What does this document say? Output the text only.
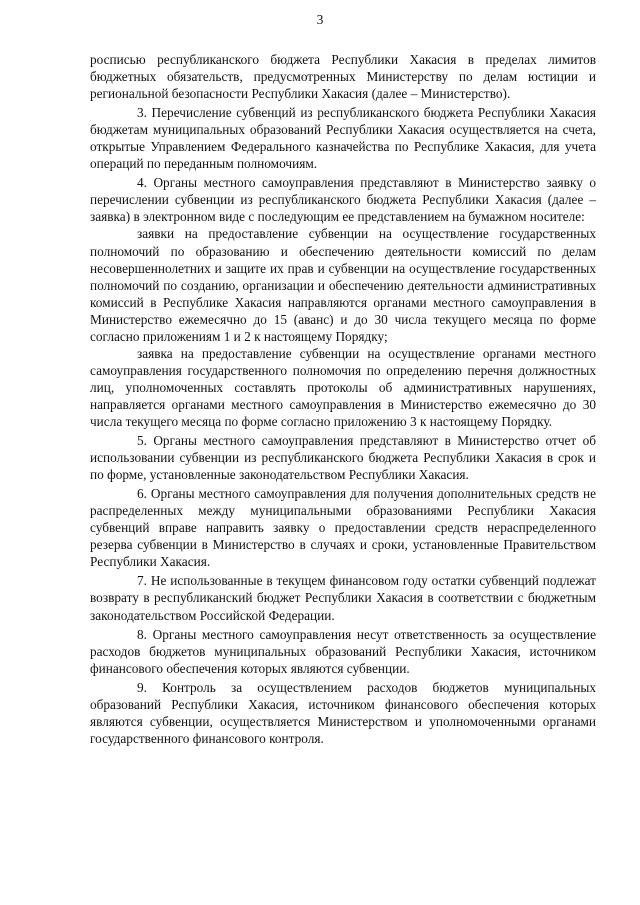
3

росписью республиканского бюджета Республики Хакасия в пределах лимитов бюджетных обязательств, предусмотренных Министерству по делам юстиции и региональной безопасности Республики Хакасия (далее – Министерство).

3. Перечисление субвенций из республиканского бюджета Республики Хакасия бюджетам муниципальных образований Республики Хакасия осуществляется на счета, открытые Управлением Федерального казначейства по Республике Хакасия, для учета операций по переданным полномочиям.

4. Органы местного самоуправления представляют в Министерство заявку о перечислении субвенции из республиканского бюджета Республики Хакасия (далее – заявка) в электронном виде с последующим ее представлением на бумажном носителе:

заявки на предоставление субвенции на осуществление государственных полномочий по образованию и обеспечению деятельности комиссий по делам несовершеннолетних и защите их прав и субвенции на осуществление государственных полномочий по созданию, организации и обеспечению деятельности административных комиссий в Республике Хакасия направляются органами местного самоуправления в Министерство ежемесячно до 15 (аванс) и до 30 числа текущего месяца по форме согласно приложениям 1 и 2 к настоящему Порядку;

заявка на предоставление субвенции на осуществление органами местного самоуправления государственного полномочия по определению перечня должностных лиц, уполномоченных составлять протоколы об административных нарушениях, направляется органами местного самоуправления в Министерство ежемесячно до 30 числа текущего месяца по форме согласно приложению 3 к настоящему Порядку.

5. Органы местного самоуправления представляют в Министерство отчет об использовании субвенции из республиканского бюджета Республики Хакасия в срок и по форме, установленные законодательством Республики Хакасия.

6. Органы местного самоуправления для получения дополнительных средств не распределенных между муниципальными образованиями Республики Хакасия субвенций вправе направить заявку о предоставлении средств нераспределенного резерва субвенции в Министерство в случаях и сроки, установленные Правительством Республики Хакасия.

7. Не использованные в текущем финансовом году остатки субвенций подлежат возврату в республиканский бюджет Республики Хакасия в соответствии с бюджетным законодательством Российской Федерации.

8. Органы местного самоуправления несут ответственность за осуществление расходов бюджетов муниципальных образований Республики Хакасия, источником финансового обеспечения которых являются субвенции.

9. Контроль за осуществлением расходов бюджетов муниципальных образований Республики Хакасия, источником финансового обеспечения которых являются субвенции, осуществляется Министерством и уполномоченными органами государственного финансового контроля.
